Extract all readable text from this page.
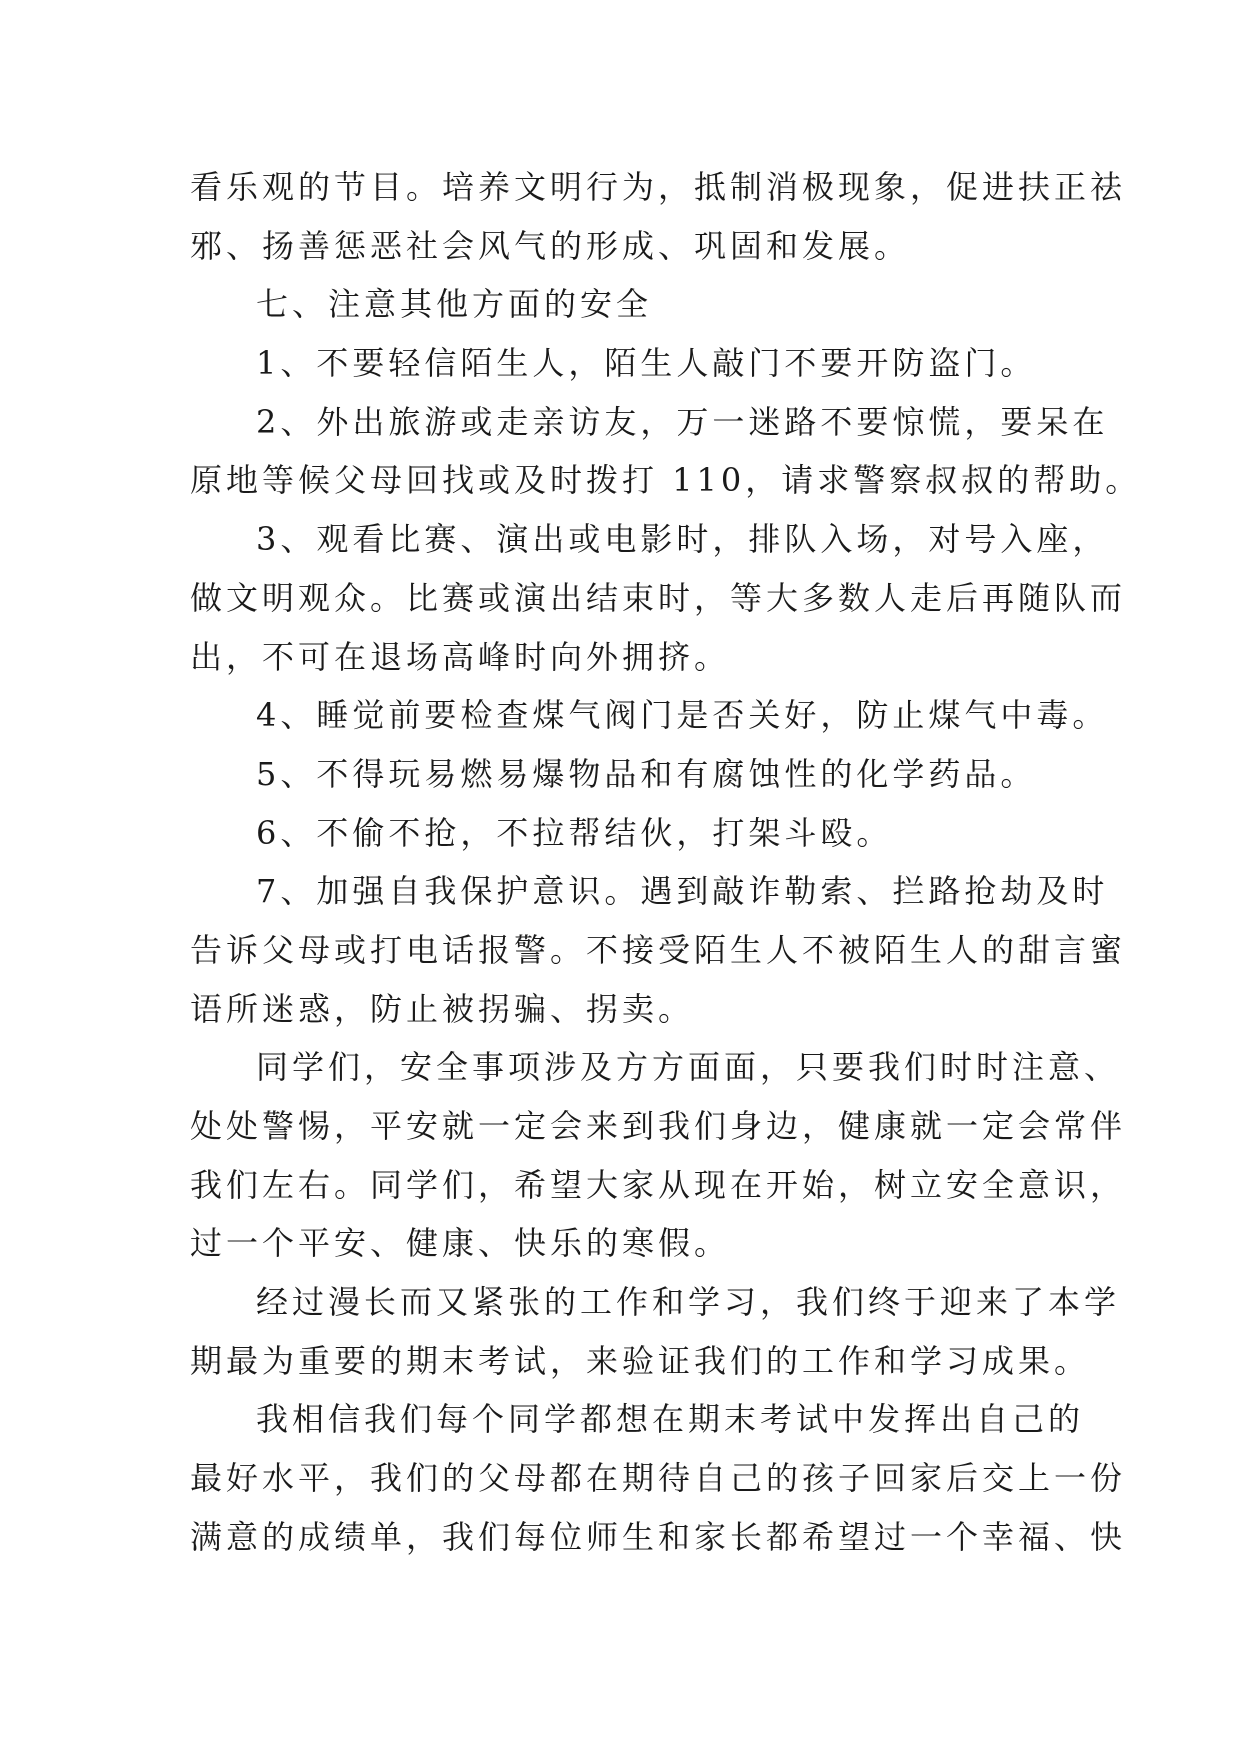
看乐观的节目。培养文明行为，抵制消极现象，促进扶正祛
邪、扬善惩恶社会风气的形成、巩固和发展。
七、注意其他方面的安全
1、不要轻信陌生人，陌生人敲门不要开防盗门。
2、外出旅游或走亲访友，万一迷路不要惊慌，要呆在
原地等候父母回找或及时拨打 110，请求警察叔叔的帮助。
3、观看比赛、演出或电影时，排队入场，对号入座，
做文明观众。比赛或演出结束时，等大多数人走后再随队而
出，不可在退场高峰时向外拥挤。
4、睡觉前要检查煤气阀门是否关好，防止煤气中毒。
5、不得玩易燃易爆物品和有腐蚀性的化学药品。
6、不偷不抢，不拉帮结伙，打架斗殴。
7、加强自我保护意识。遇到敲诈勒索、拦路抢劫及时
告诉父母或打电话报警。不接受陌生人不被陌生人的甜言蜜
语所迷惑，防止被拐骗、拐卖。
同学们，安全事项涉及方方面面，只要我们时时注意、
处处警惕，平安就一定会来到我们身边，健康就一定会常伴
我们左右。同学们，希望大家从现在开始，树立安全意识，
过一个平安、健康、快乐的寒假。
经过漫长而又紧张的工作和学习，我们终于迎来了本学
期最为重要的期末考试，来验证我们的工作和学习成果。
我相信我们每个同学都想在期末考试中发挥出自己的
最好水平，我们的父母都在期待自己的孩子回家后交上一份
满意的成绩单，我们每位师生和家长都希望过一个幸福、快
